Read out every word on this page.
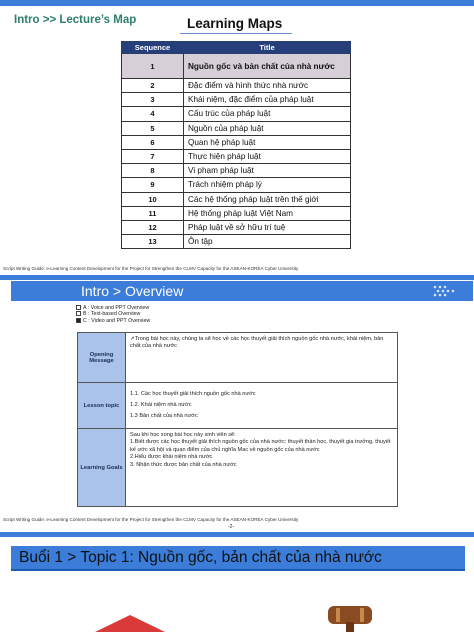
Intro >> Lecture’s Map	Learning Maps
Sequence	Title
1	Nguồn gốc và bản chất của nhà nước
2	Đặc điểm và hình thức nhà nước
3	Khái niệm, đặc điểm của pháp luật
4	Cấu trúc của pháp luật
5	Nguồn của pháp luật
6	Quan hệ pháp luật
7	Thực hiện pháp luật
8	Vi phạm pháp luật
9	Trách nhiệm pháp lý
10	Các hệ thống pháp luật trên thế giới
11	Hệ thống pháp luật Việt Nam
12	Pháp luật về sở hữu trí tuệ
13	Ôn tập
Script Writing Guide: e-Learning Content Development for the Project for Strengthen the CLMV Capacity for the ASEAN-KOREA Cyber University
Intro > Overview
A : Voice and PPT Overview
B : Text-based Overview
C : Video and PPT Overview
Opening Message	➚Trong bài học này, chúng ta sẽ học về các học thuyết giải thích nguồn gốc nhà nước, khái niệm, bản chất của nhà nước
Lesson topic	1.1. Các học thuyết giải thích nguồn gốc nhà nước
1.2. Khái niệm nhà nước
1.3 Bản chất của nhà nước

Learning Goals	Sau khi học xong bài học này sinh viên sẽ:
1.Biết được các học thuyết giải thích nguồn gốc của nhà nước: thuyết thần học, thuyết gia trưởng, thuyết kế ước xã hội và quan điểm của chủ nghĩa Mac về nguồn gốc của nhà nước
2.Hiểu được khái niệm nhà nước
3. Nhận thức được bản chất của nhà nước
Script Writing Guide: e-Learning Content Development for the Project for Strengthen the CLMV Capacity for the ASEAN-KOREA Cyber University
-2-
Buổi 1 > Topic 1: Nguồn gốc, bản chất của nhà nước
